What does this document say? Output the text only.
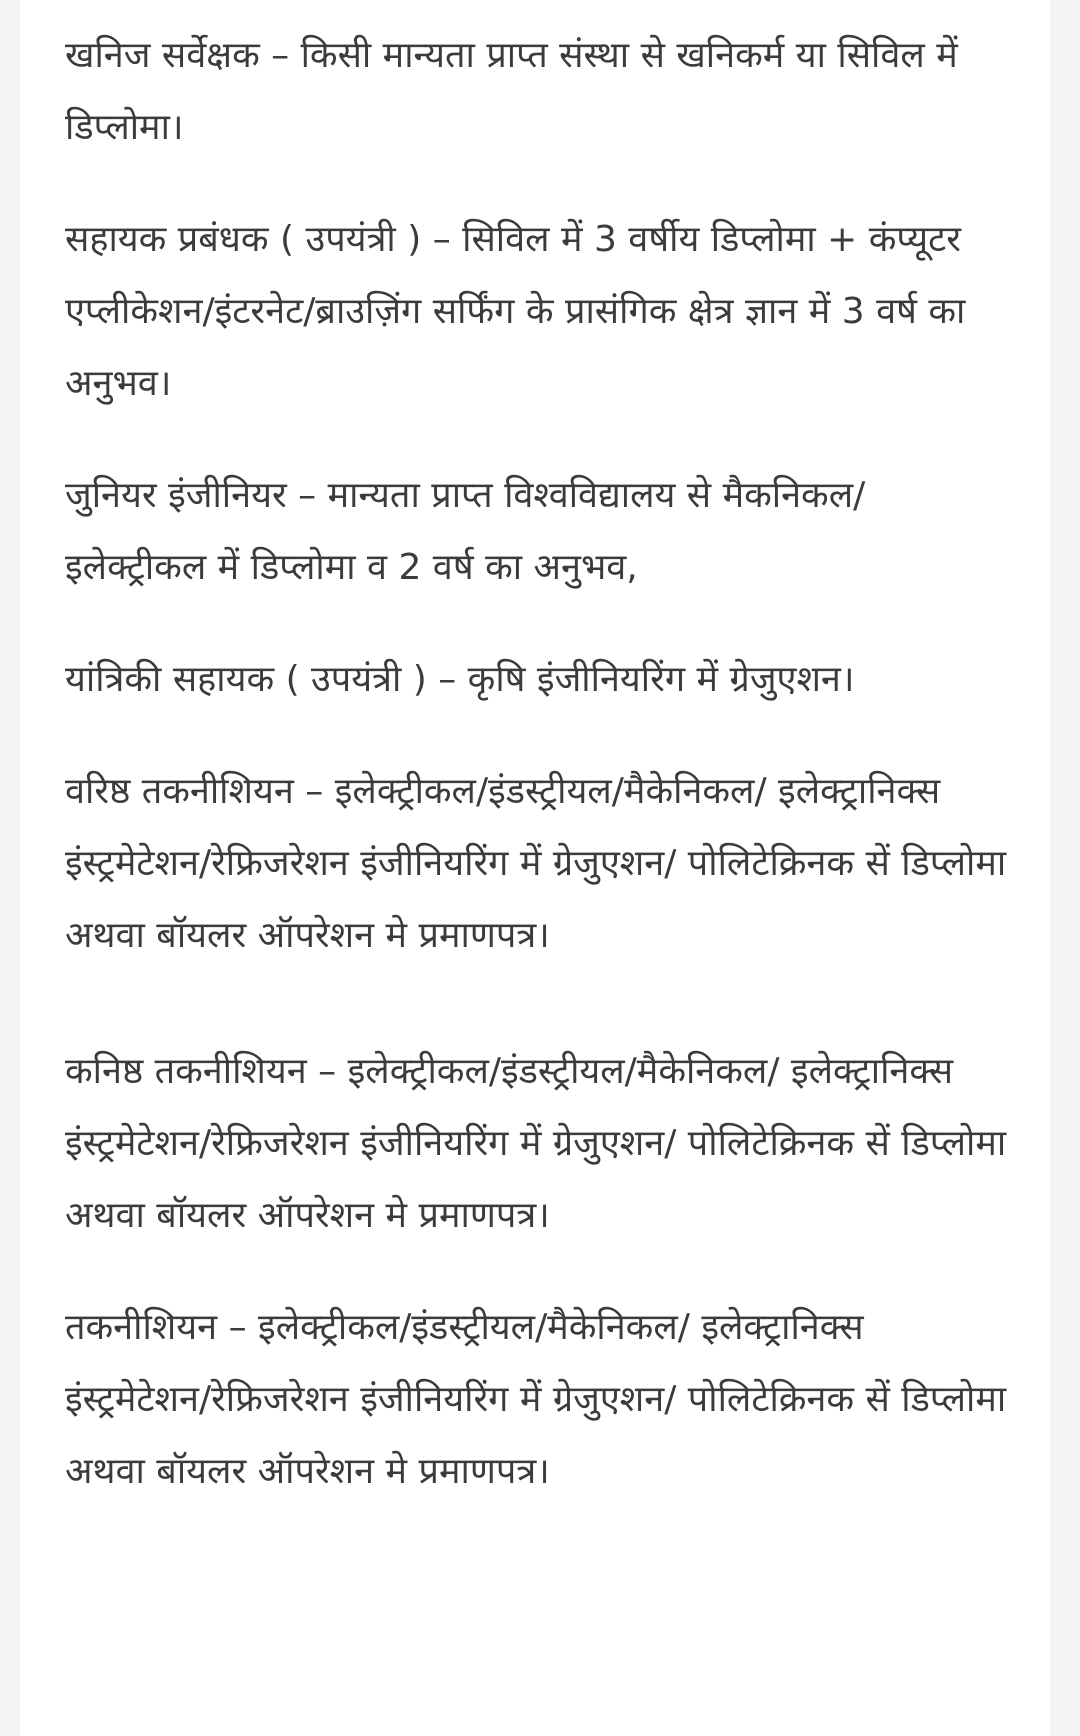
खनिज सर्वेक्षक – किसी मान्यता प्राप्त संस्था से खनिकर्म या सिविल में डिप्लोमा।

सहायक प्रबंधक ( उपयंत्री ) – सिविल में 3 वर्षीय डिप्लोमा + कंप्यूटर एप्लीकेशन/इंटरनेट/ब्राउज़िंग सर्फिंग के प्रासंगिक क्षेत्र ज्ञान में 3 वर्ष का अनुभव।

जुनियर इंजीनियर – मान्यता प्राप्त विश्वविद्यालय से मैकनिकल/ इलेक्ट्रीकल में डिप्लोमा व 2 वर्ष का अनुभव,

यांत्रिकी सहायक ( उपयंत्री ) – कृषि इंजीनियरिंग में ग्रेजुएशन।

वरिष्ठ तकनीशियन – इलेक्ट्रीकल/इंडस्ट्रीयल/मैकेनिकल/ इलेक्ट्रानिक्स इंस्ट्रमेटेशन/रेफ्रिजरेशन इंजीनियरिंग में ग्रेजुएशन/ पोलिटेक्रिनक सें डिप्लोमा अथवा बॉयलर ऑपरेशन मे प्रमाणपत्र।

कनिष्ठ तकनीशियन – इलेक्ट्रीकल/इंडस्ट्रीयल/मैकेनिकल/ इलेक्ट्रानिक्स इंस्ट्रमेटेशन/रेफ्रिजरेशन इंजीनियरिंग में ग्रेजुएशन/ पोलिटेक्रिनक सें डिप्लोमा अथवा बॉयलर ऑपरेशन मे प्रमाणपत्र।

तकनीशियन – इलेक्ट्रीकल/इंडस्ट्रीयल/मैकेनिकल/ इलेक्ट्रानिक्स इंस्ट्रमेटेशन/रेफ्रिजरेशन इंजीनियरिंग में ग्रेजुएशन/ पोलिटेक्रिनक सें डिप्लोमा अथवा बॉयलर ऑपरेशन मे प्रमाणपत्र।
